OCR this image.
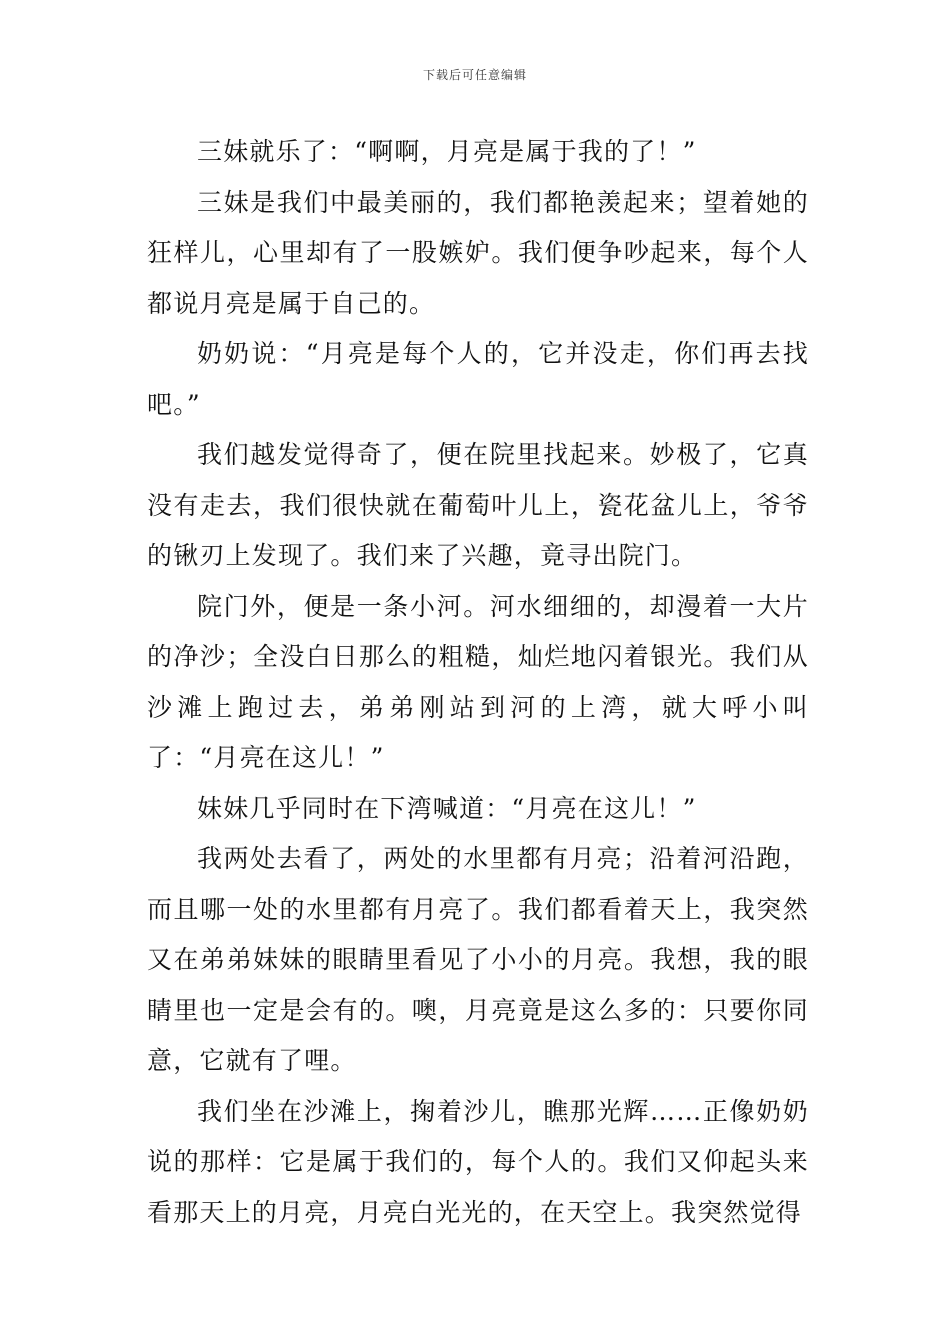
下载后可任意编辑

三妹就乐了：“啊啊，月亮是属于我的了！”

三妹是我们中最美丽的，我们都艳羡起来；望着她的狂样儿，心里却有了一股嫉妒。我们便争吵起来，每个人都说月亮是属于自己的。

奶奶说：“月亮是每个人的，它并没走，你们再去找吧。”

我们越发觉得奇了，便在院里找起来。妙极了，它真没有走去，我们很快就在葡萄叶儿上，瓷花盆儿上，爷爷的锹刃上发现了。我们来了兴趣，竟寻出院门。

院门外，便是一条小河。河水细细的，却漫着一大片的净沙；全没白日那么的粗糙，灿烂地闪着银光。我们从沙滩上跑过去，弟弟刚站到河的上湾，就大呼小叫了：“月亮在这儿！”

妹妹几乎同时在下湾喊道：“月亮在这儿！”

我两处去看了，两处的水里都有月亮；沿着河沿跑，而且哪一处的水里都有月亮了。我们都看着天上，我突然又在弟弟妹妹的眼睛里看见了小小的月亮。我想，我的眼睛里也一定是会有的。噢，月亮竟是这么多的：只要你同意，它就有了哩。

我们坐在沙滩上，掬着沙儿，瞧那光辉……正像奶奶说的那样：它是属于我们的，每个人的。我们又仰起头来看那天上的月亮，月亮白光光的，在天空上。我突然觉得
